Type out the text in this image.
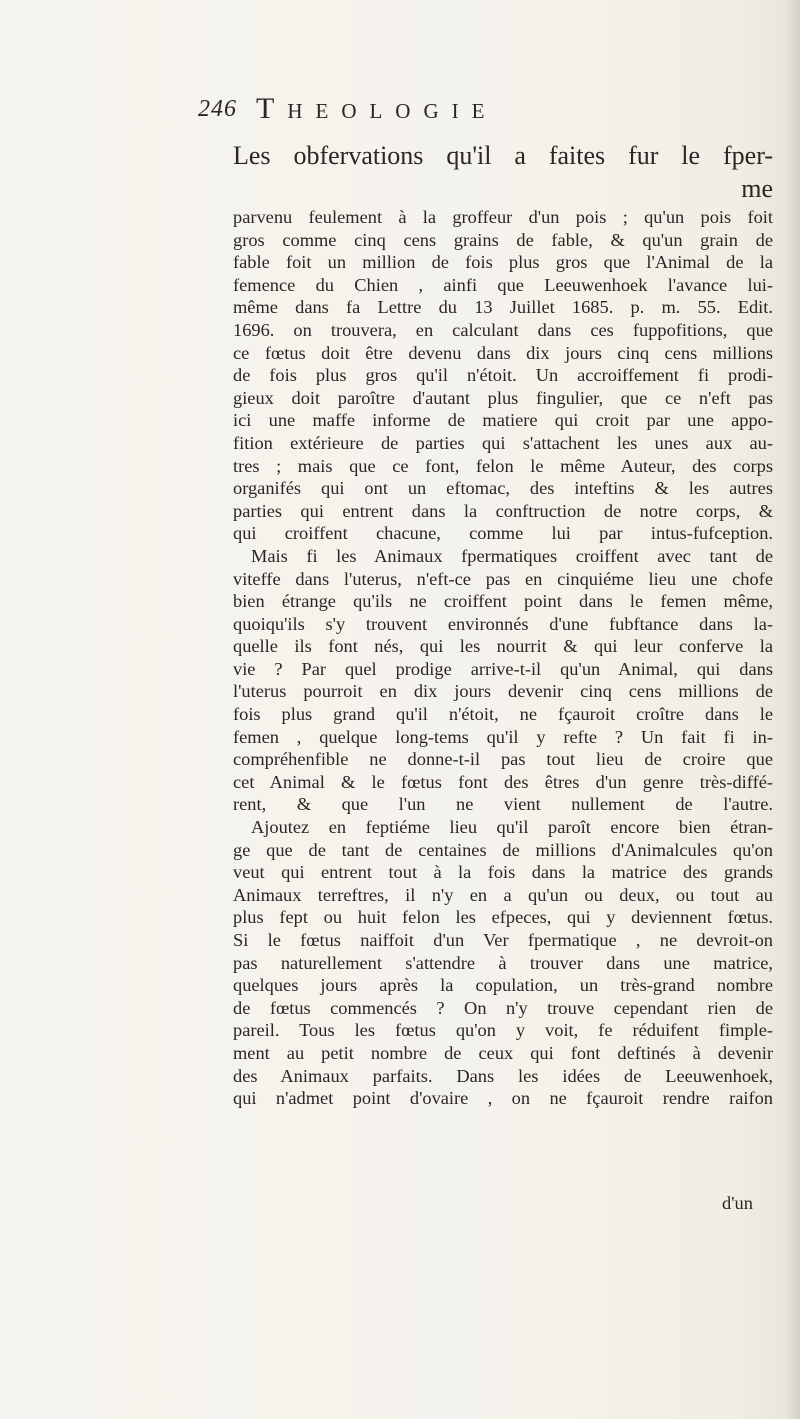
246 Theologie
Les obfervations qu'il a faites fur le fper-
me
parvenu feulement à la groffeur d'un pois ; qu'un pois foit
gros comme cinq cens grains de fable, & qu'un grain de
fable foit un million de fois plus gros que l'Animal de la
femence du Chien , ainfi que Leeuwenhoek l'avance lui-
même dans fa Lettre du 13 Juillet 1685. p. m. 55. Edit.
1696. on trouvera, en calculant dans ces fuppofitions, que
ce fœtus doit être devenu dans dix jours cinq cens millions
de fois plus gros qu'il n'étoit. Un accroiffement fi prodi-
gieux doit paroître d'autant plus fingulier, que ce n'eft pas
ici une maffe informe de matiere qui croit par une appo-
fition extérieure de parties qui s'attachent les unes aux au-
tres ; mais que ce font, felon le même Auteur, des corps
organifés qui ont un eftomac, des inteftins & les autres
parties qui entrent dans la conftruction de notre corps, &
qui croiffent chacune, comme lui par intus-fufception.
Mais fi les Animaux fpermatiques croiffent avec tant de
viteffe dans l'uterus, n'eft-ce pas en cinquiéme lieu une chofe
bien étrange qu'ils ne croiffent point dans le femen même,
quoiqu'ils s'y trouvent environnés d'une fubftance dans la-
quelle ils font nés, qui les nourrit & qui leur conferve la
vie ? Par quel prodige arrive-t-il qu'un Animal, qui dans
l'uterus pourroit en dix jours devenir cinq cens millions de
fois plus grand qu'il n'étoit, ne fçauroit croître dans le
femen , quelque long-tems qu'il y refte ? Un fait fi in-
compréhenfible ne donne-t-il pas tout lieu de croire que
cet Animal & le fœtus font des êtres d'un genre très-diffé-
rent, & que l'un ne vient nullement de l'autre.
Ajoutez en feptiéme lieu qu'il paroît encore bien étran-
ge que de tant de centaines de millions d'Animalcules qu'on
veut qui entrent tout à la fois dans la matrice des grands
Animaux terreftres, il n'y en a qu'un ou deux, ou tout au
plus fept ou huit felon les efpeces, qui y deviennent fœtus.
Si le fœtus naiffoit d'un Ver fpermatique , ne devroit-on
pas naturellement s'attendre à trouver dans une matrice,
quelques jours après la copulation, un très-grand nombre
de fœtus commencés ? On n'y trouve cependant rien de
pareil. Tous les fœtus qu'on y voit, fe réduifent fimple-
ment au petit nombre de ceux qui font deftinés à devenir
des Animaux parfaits. Dans les idées de Leeuwenhoek,
qui n'admet point d'ovaire , on ne fçauroit rendre raifon
d'un
